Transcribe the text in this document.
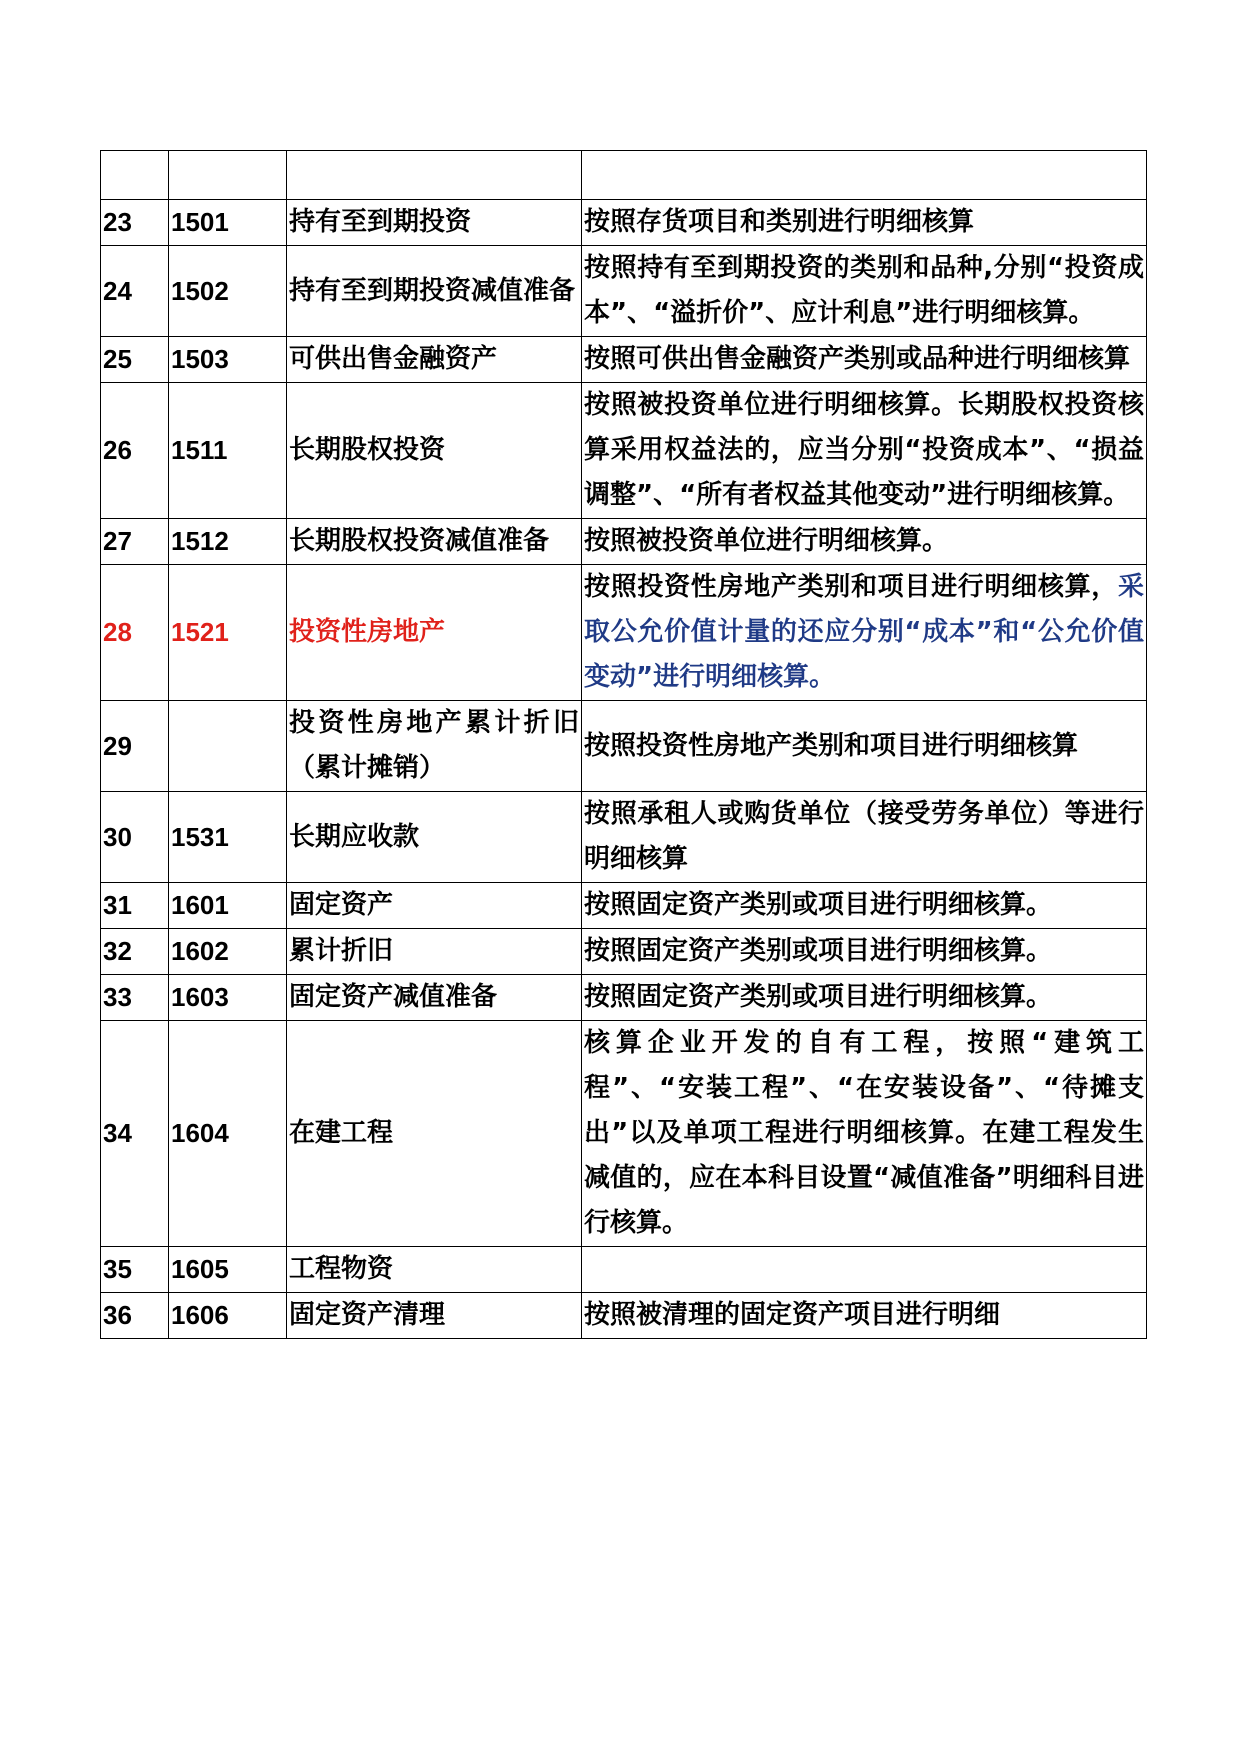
23	1501	持有至到期投资	按照存货项目和类别进行明细核算
24	1502	持有至到期投资减值准备	按照持有至到期投资的类别和品种,分别“投资成本”、“溢折价”、应计利息”进行明细核算。
25	1503	可供出售金融资产	按照可供出售金融资产类别或品种进行明细核算
26	1511	长期股权投资	按照被投资单位进行明细核算。长期股权投资核算采用权益法的，应当分别“投资成本”、“损益调整”、“所有者权益其他变动”进行明细核算。
27	1512	长期股权投资减值准备	按照被投资单位进行明细核算。
28	1521	投资性房地产	按照投资性房地产类别和项目进行明细核算，采取公允价值计量的还应分别“成本”和“公允价值变动”进行明细核算。
29		投资性房地产累计折旧（累计摊销）	按照投资性房地产类别和项目进行明细核算
30	1531	长期应收款	按照承租人或购货单位（接受劳务单位）等进行明细核算
31	1601	固定资产	按照固定资产类别或项目进行明细核算。
32	1602	累计折旧	按照固定资产类别或项目进行明细核算。
33	1603	固定资产减值准备	按照固定资产类别或项目进行明细核算。
34	1604	在建工程	核算企业开发的自有工程，按照“建筑工程”、“安装工程”、“在安装设备”、“待摊支出”以及单项工程进行明细核算。在建工程发生减值的，应在本科目设置“减值准备”明细科目进行核算。
35	1605	工程物资	
36	1606	固定资产清理	按照被清理的固定资产项目进行明细
